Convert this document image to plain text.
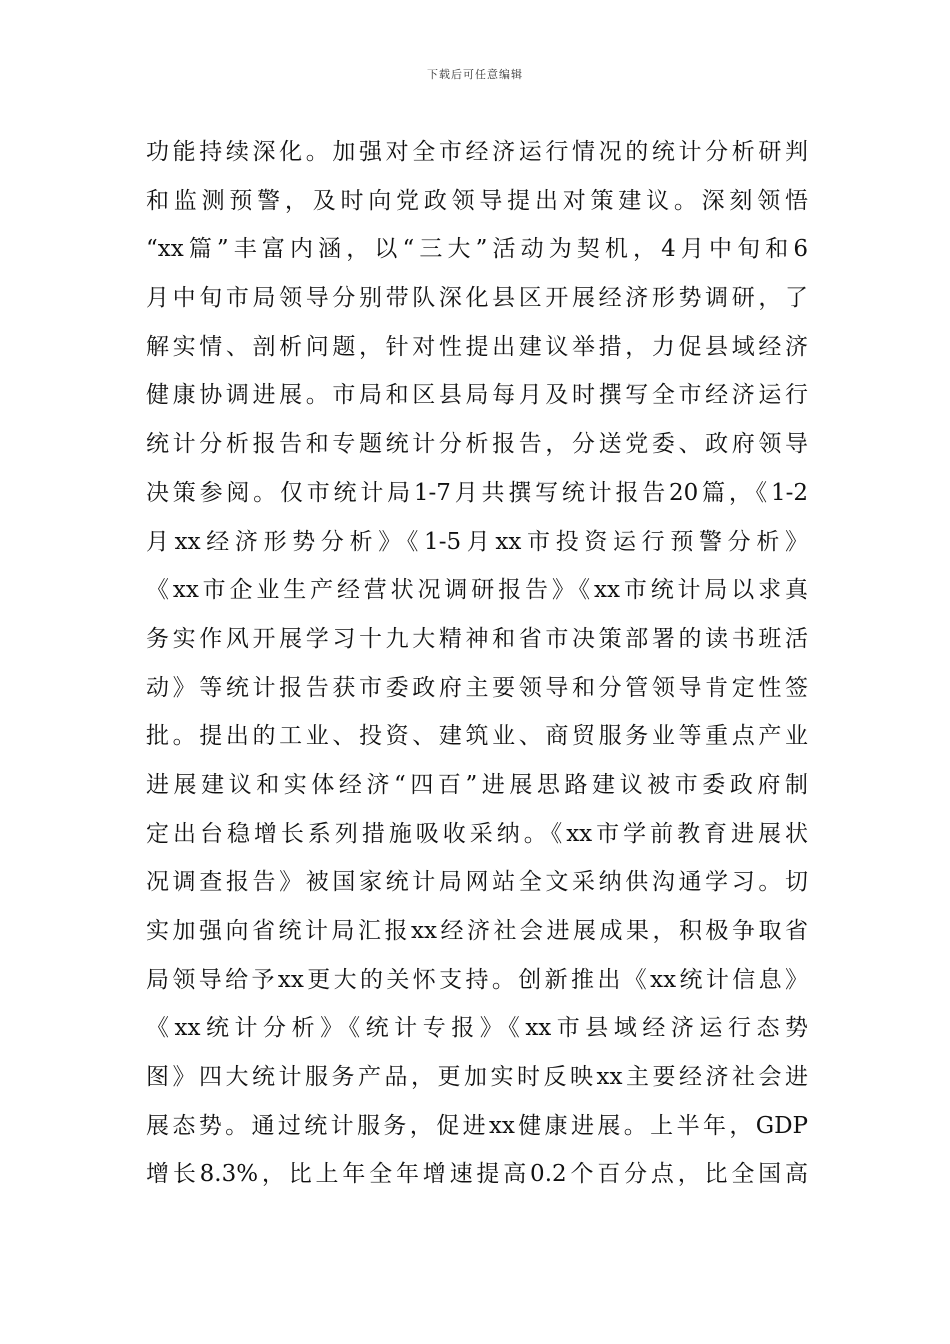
下载后可任意编辑
功能持续深化。加强对全市经济运行情况的统计分析研判
和监测预警，及时向党政领导提出对策建议。深刻领悟
“xx篇”丰富内涵，以“三大”活动为契机，4月中旬和6
月中旬市局领导分别带队深化县区开展经济形势调研，了
解实情、剖析问题，针对性提出建议举措，力促县域经济
健康协调进展。市局和区县局每月及时撰写全市经济运行
统计分析报告和专题统计分析报告，分送党委、政府领导
决策参阅。仅市统计局1-7月共撰写统计报告20篇，《1-2
月xx经济形势分析》《1-5月xx市投资运行预警分析》
《xx市企业生产经营状况调研报告》《xx市统计局以求真
务实作风开展学习十九大精神和省市决策部署的读书班活
动》等统计报告获市委政府主要领导和分管领导肯定性签
批。提出的工业、投资、建筑业、商贸服务业等重点产业
进展建议和实体经济“四百”进展思路建议被市委政府制
定出台稳增长系列措施吸收采纳。《xx市学前教育进展状
况调查报告》被国家统计局网站全文采纳供沟通学习。切
实加强向省统计局汇报xx经济社会进展成果，积极争取省
局领导给予xx更大的关怀支持。创新推出《xx统计信息》
《xx统计分析》《统计专报》《xx市县域经济运行态势
图》四大统计服务产品，更加实时反映xx主要经济社会进
展态势。通过统计服务，促进xx健康进展。上半年，GDP
增长8.3%，比上年全年增速提高0.2个百分点，比全国高
